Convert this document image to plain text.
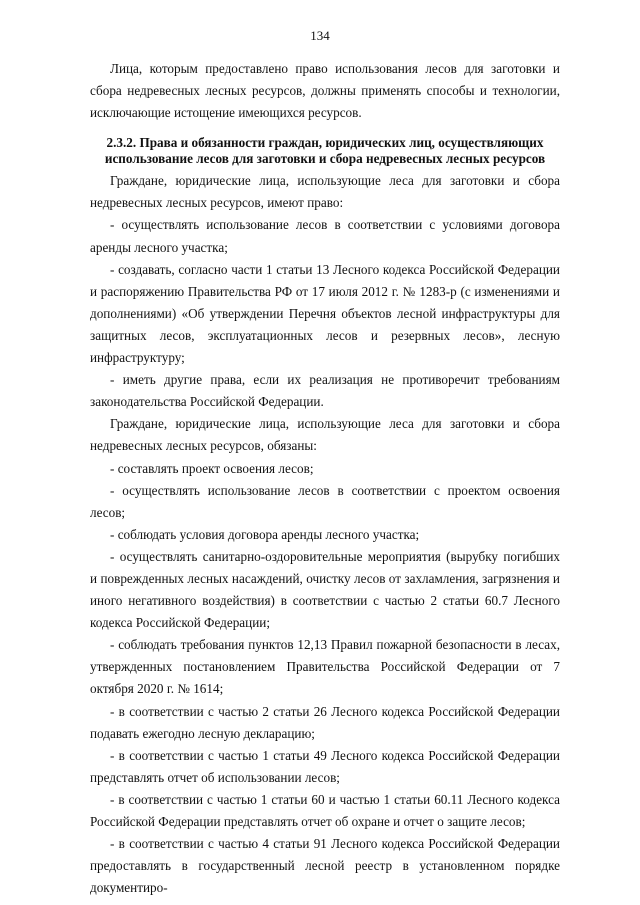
134

Лица, которым предоставлено право использования лесов для заготовки и сбора недревесных лесных ресурсов, должны применять способы и технологии, исключающие истощение имеющихся ресурсов.

2.3.2. Права и обязанности граждан, юридических лиц, осуществляющих

использование лесов для заготовки и сбора недревесных лесных ресурсов

Граждане, юридические лица, использующие леса для заготовки и сбора недревесных лесных ресурсов, имеют право:

- осуществлять использование лесов в соответствии с условиями договора аренды лесного участка;

- создавать, согласно части 1 статьи 13 Лесного кодекса Российской Федерации и распоряжению Правительства РФ от 17 июля 2012 г. № 1283-р (с изменениями и дополнениями) «Об утверждении Перечня объектов лесной инфраструктуры для защитных лесов, эксплуатационных лесов и резервных лесов», лесную инфраструктуру;

- иметь другие права, если их реализация не противоречит требованиям законодательства Российской Федерации.

Граждане, юридические лица, использующие леса для заготовки и сбора недревесных лесных ресурсов, обязаны:

- составлять проект освоения лесов;

- осуществлять использование лесов в соответствии с проектом освоения лесов;

- соблюдать условия договора аренды лесного участка;

- осуществлять санитарно-оздоровительные мероприятия (вырубку погибших и поврежденных лесных насаждений, очистку лесов от захламления, загрязнения и иного негативного воздействия) в соответствии с частью 2 статьи 60.7 Лесного кодекса Российской Федерации;

- соблюдать требования пунктов 12,13 Правил пожарной безопасности в лесах, утвержденных постановлением Правительства Российской Федерации от 7 октября 2020 г. № 1614;

- в соответствии с частью 2 статьи 26 Лесного кодекса Российской Федерации подавать ежегодно лесную декларацию;

- в соответствии с частью 1 статьи 49 Лесного кодекса Российской Федерации представлять отчет об использовании лесов;

- в соответствии с частью 1 статьи 60 и частью 1 статьи 60.11 Лесного кодекса Российской Федерации представлять отчет об охране и отчет о защите лесов;

- в соответствии с частью 4 статьи 91 Лесного кодекса Российской Федерации предоставлять в государственный лесной реестр в установленном порядке документиро-
